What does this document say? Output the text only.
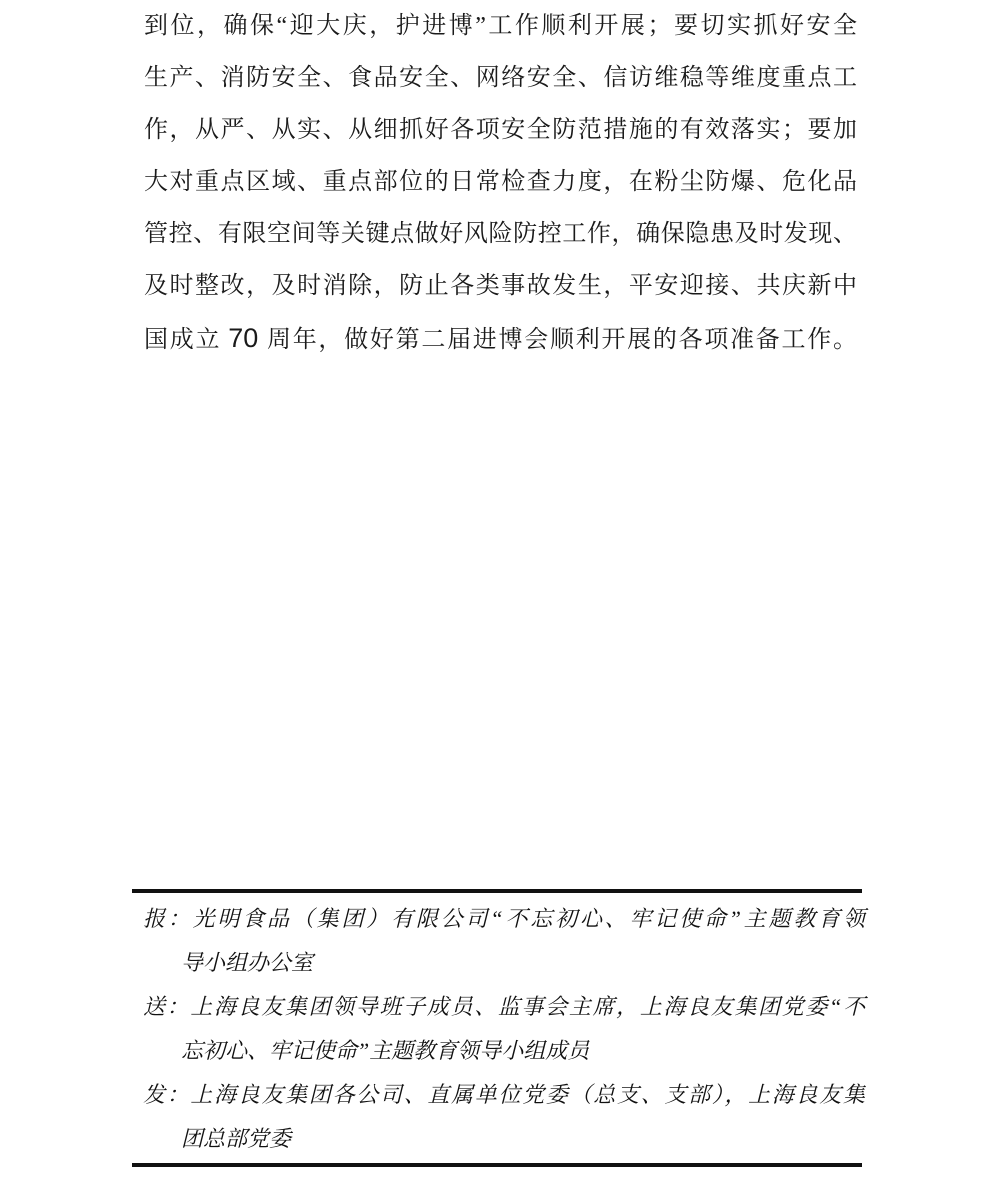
到位，确保“迎大庆，护进博”工作顺利开展；要切实抓好安全
生产、消防安全、食品安全、网络安全、信访维稳等维度重点工
作，从严、从实、从细抓好各项安全防范措施的有效落实；要加
大对重点区域、重点部位的日常检查力度，在粉尘防爆、危化品
管控、有限空间等关键点做好风险防控工作，确保隐患及时发现、
及时整改，及时消除，防止各类事故发生，平安迎接、共庆新中
国成立 70 周年，做好第二届进博会顺利开展的各项准备工作。
报：光明食品（集团）有限公司“不忘初心、牢记使命”主题教育领
导小组办公室
送：上海良友集团领导班子成员、监事会主席，上海良友集团党委“不
忘初心、牢记使命”主题教育领导小组成员
发：上海良友集团各公司、直属单位党委（总支、支部），上海良友集
团总部党委
